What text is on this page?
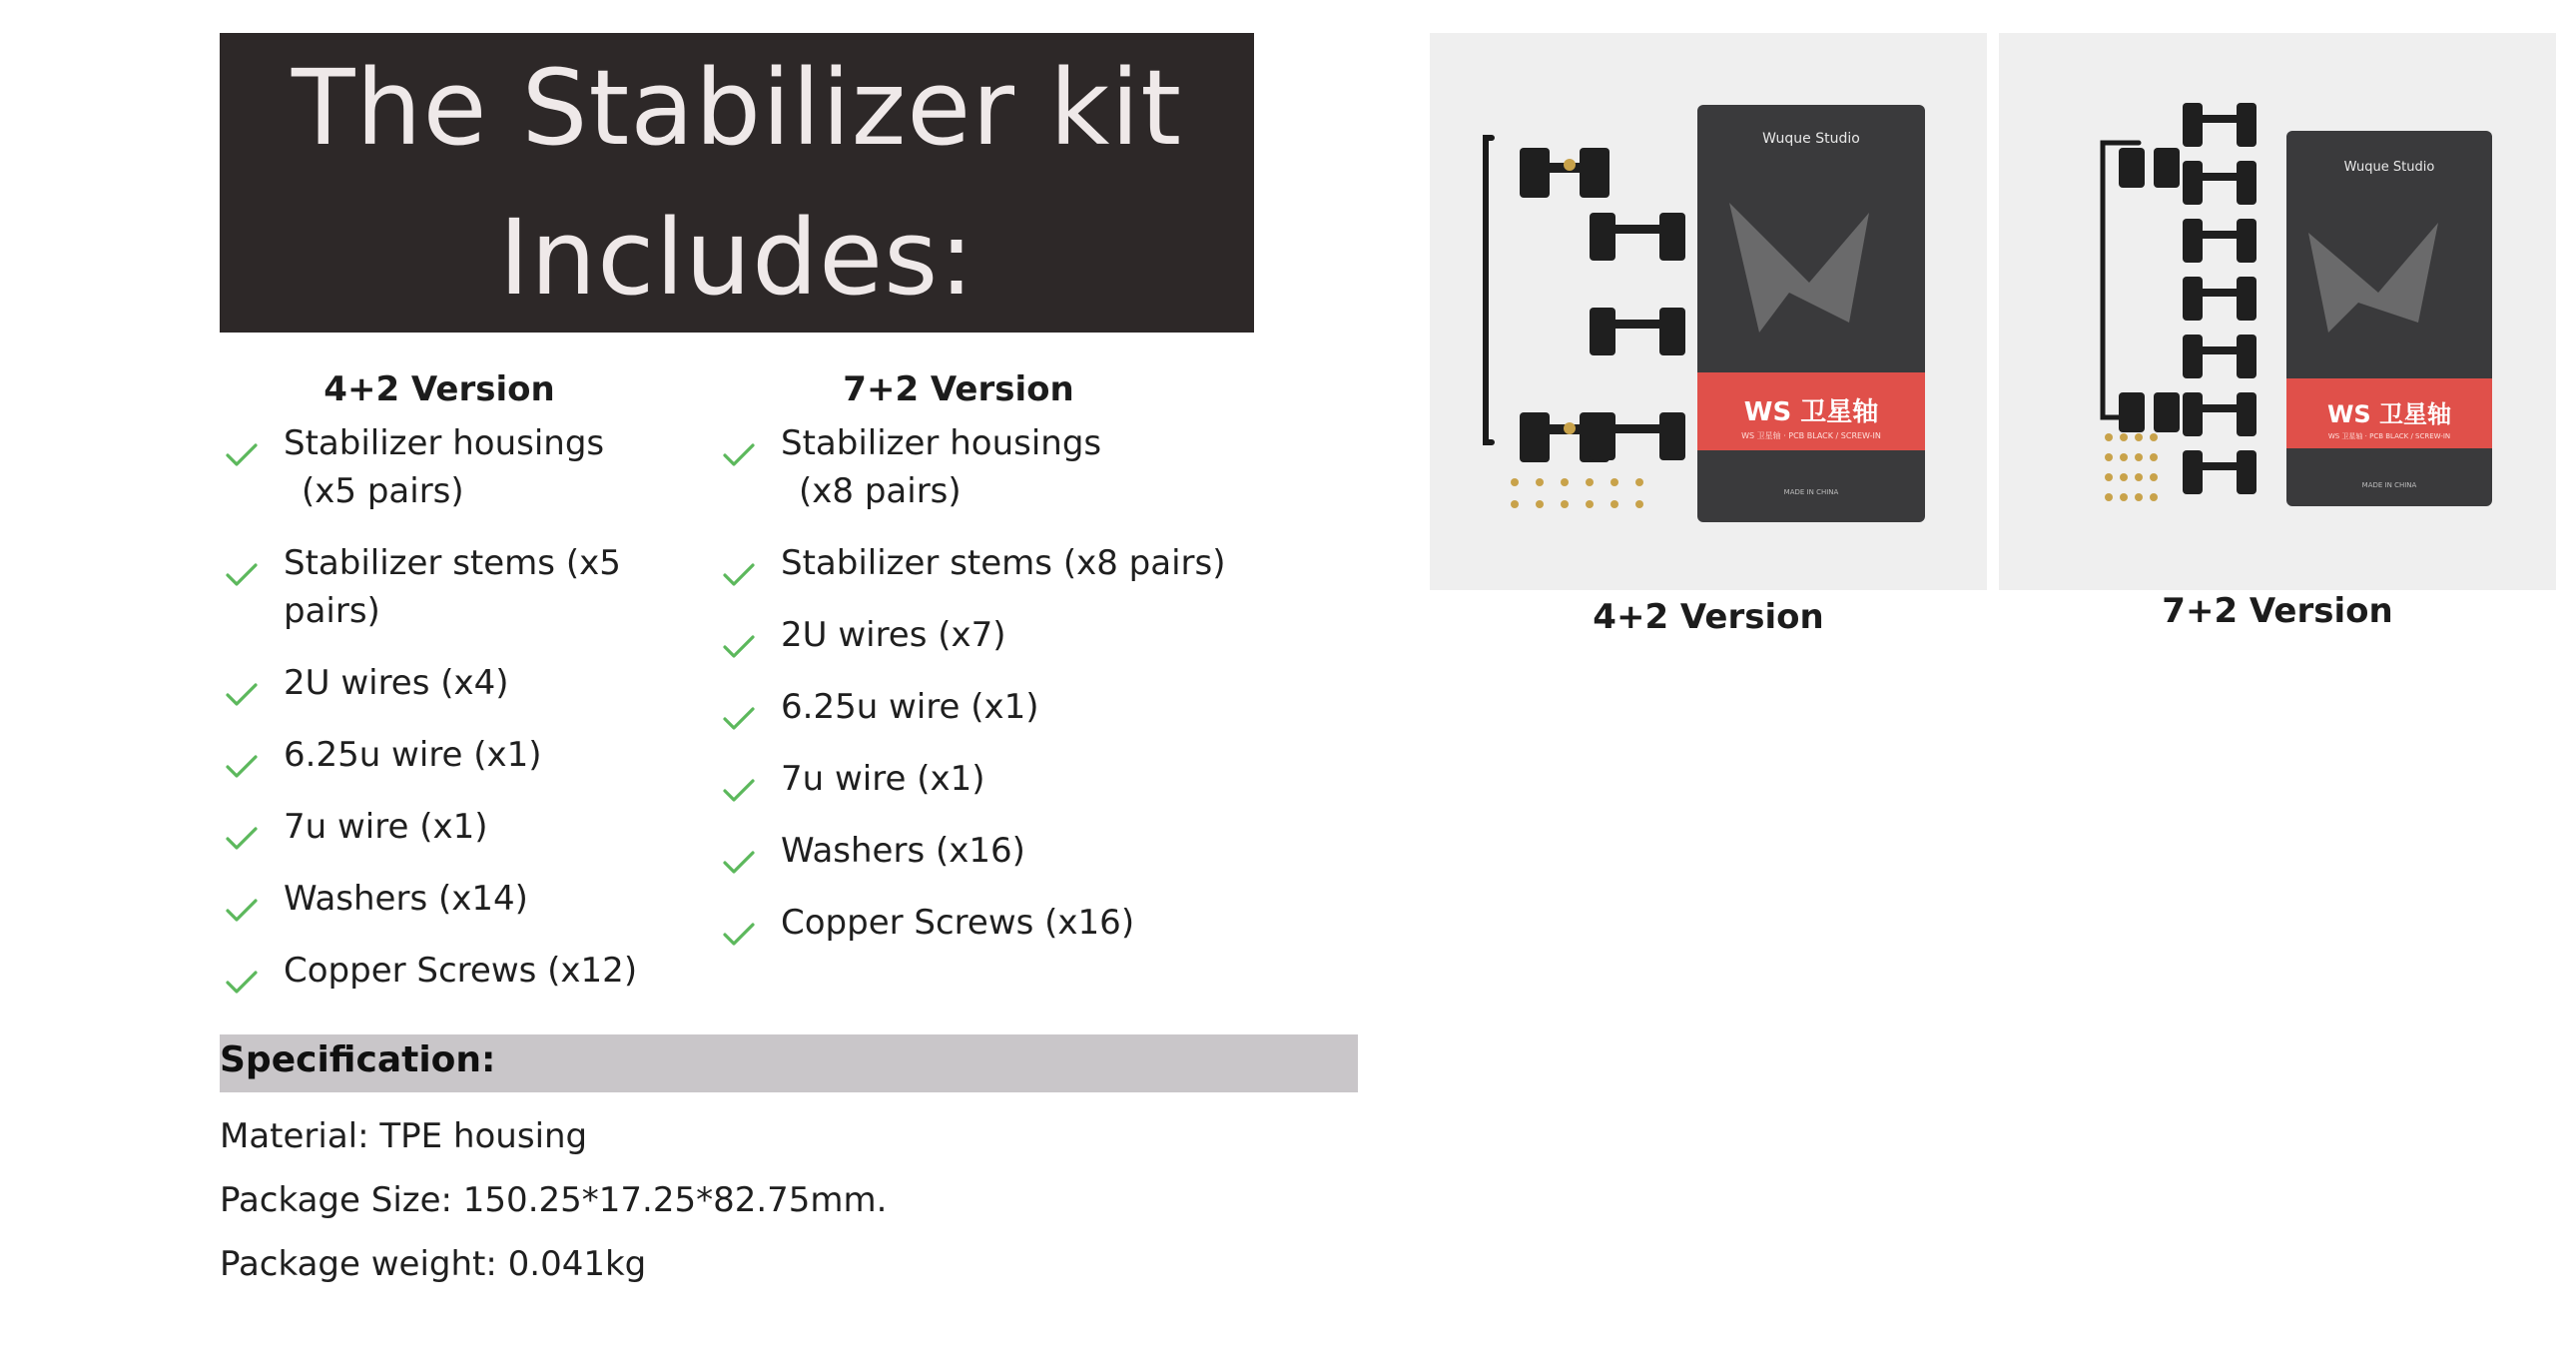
The Stabilizer kit
Includes:
4+2 Version	7+2 Version
Stabilizer housings
(x5 pairs)
Stabilizer stems (x5
pairs)
2U wires (x4)
6.25u wire (x1)
7u wire (x1)
Washers (x14)
Copper Screws (x12)
Stabilizer housings
(x8 pairs)
Stabilizer stems (x8 pairs)
2U wires (x7)
6.25u wire (x1)
7u wire (x1)
Washers (x16)
Copper Screws (x16)
Specification:
Material: TPE housing
Package Size: 150.25*17.25*82.75mm.
Package weight: 0.041kg
Wuque Studio
WS 卫星轴
WS 卫星轴 · PCB BLACK / SCREW-IN
MADE IN CHINA
4+2 Version
Wuque Studio
WS 卫星轴
WS 卫星轴 · PCB BLACK / SCREW-IN
MADE IN CHINA
7+2 Version
